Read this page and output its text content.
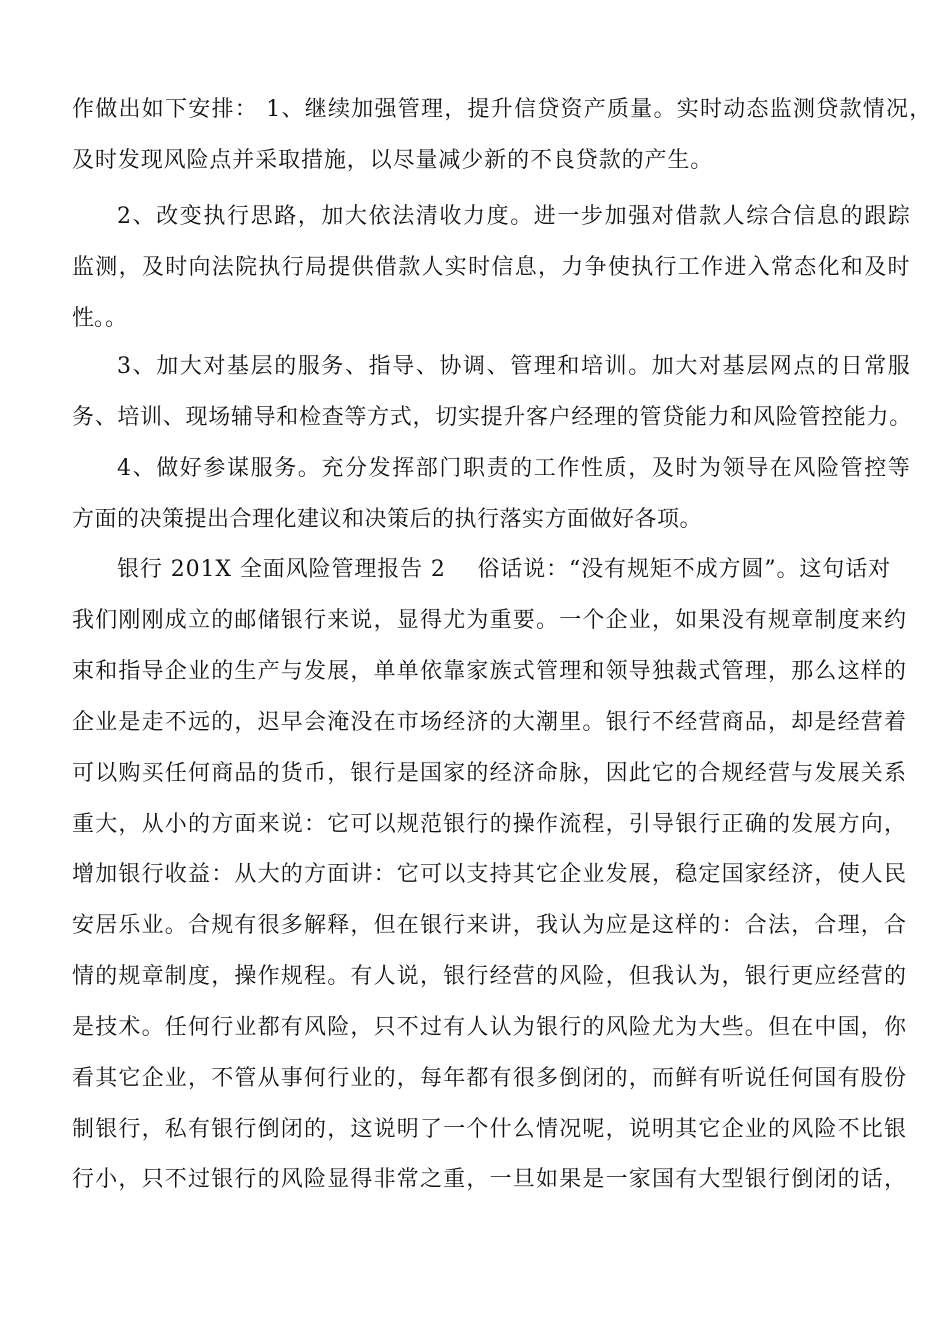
作做出如下安排： 1、继续加强管理，提升信贷资产质量。实时动态监测贷款情况，
及时发现风险点并采取措施，以尽量减少新的不良贷款的产生。
2、改变执行思路，加大依法清收力度。进一步加强对借款人综合信息的跟踪
监测，及时向法院执行局提供借款人实时信息，力争使执行工作进入常态化和及时
性。。
3、加大对基层的服务、指导、协调、管理和培训。加大对基层网点的日常服
务、培训、现场辅导和检查等方式，切实提升客户经理的管贷能力和风险管控能力。
4、做好参谋服务。充分发挥部门职责的工作性质，及时为领导在风险管控等
方面的决策提出合理化建议和决策后的执行落实方面做好各项。
银行 201X 全面风险管理报告 2    俗话说：“没有规矩不成方圆”。这句话对
我们刚刚成立的邮储银行来说，显得尤为重要。一个企业，如果没有规章制度来约
束和指导企业的生产与发展，单单依靠家族式管理和领导独裁式管理，那么这样的
企业是走不远的，迟早会淹没在市场经济的大潮里。银行不经营商品，却是经营着
可以购买任何商品的货币，银行是国家的经济命脉，因此它的合规经营与发展关系
重大，从小的方面来说：它可以规范银行的操作流程，引导银行正确的发展方向，
增加银行收益：从大的方面讲：它可以支持其它企业发展，稳定国家经济，使人民
安居乐业。合规有很多解释，但在银行来讲，我认为应是这样的：合法，合理，合
情的规章制度，操作规程。有人说，银行经营的风险，但我认为，银行更应经营的
是技术。任何行业都有风险，只不过有人认为银行的风险尤为大些。但在中国，你
看其它企业，不管从事何行业的，每年都有很多倒闭的，而鲜有听说任何国有股份
制银行，私有银行倒闭的，这说明了一个什么情况呢，说明其它企业的风险不比银
行小，只不过银行的风险显得非常之重，一旦如果是一家国有大型银行倒闭的话，
